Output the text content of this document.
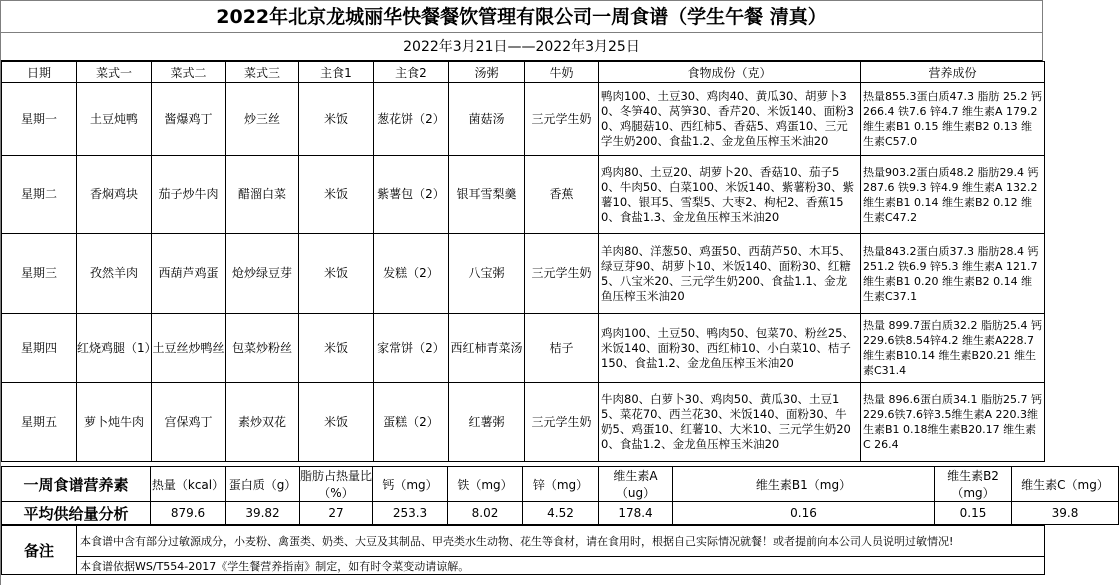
2022年北京龙城丽华快餐餐饮管理有限公司一周食谱（学生午餐 清真）
2022年3月21日——2022年3月25日
日期	菜式一	菜式二	菜式三	主食1	主食2	汤粥	牛奶	食物成份（克）	营养成份
星期一	土豆炖鸭	酱爆鸡丁	炒三丝	米饭	葱花饼（2）	菌菇汤	三元学生奶	鸭肉100、土豆30、鸡肉40、黄瓜30、胡萝卜30、冬笋40、莴笋30、香芹20、米饭140、面粉30、鸡腿菇10、西红柿5、香菇5、鸡蛋10、三元学生奶200、食盐1.2、金龙鱼压榨玉米油20	热量855.3蛋白质47.3 脂肪 25.2 钙 266.4 铁7.6 锌4.7 维生素A 179.2 维生素B1 0.15 维生素B2 0.13 维生素C57.0
星期二	香焖鸡块	茄子炒牛肉	醋溜白菜	米饭	紫薯包（2）	银耳雪梨羹	香蕉	鸡肉80、土豆20、胡萝卜20、香菇10、茄子50、牛肉50、白菜100、米饭140、紫薯粉30、紫薯10、银耳5、雪梨5、大枣2、枸杞2、香蕉150、食盐1.3、金龙鱼压榨玉米油20	热量903.2蛋白质48.2 脂肪29.4 钙 287.6 铁9.3 锌4.9 维生素A 132.2 维生素B1 0.14 维生素B2 0.12 维生素C47.2
星期三	孜然羊肉	西葫芦鸡蛋	炝炒绿豆芽	米饭	发糕（2）	八宝粥	三元学生奶	羊肉80、洋葱50、鸡蛋50、西葫芦50、木耳5、绿豆芽90、胡萝卜10、米饭140、面粉30、红糖5、八宝米20、三元学生奶200、食盐1.1、金龙鱼压榨玉米油20	热量843.2蛋白质37.3 脂肪28.4 钙 251.2 铁6.9 锌5.3 维生素A 121.7 维生素B1 0.20 维生素B2 0.14 维生素C37.1
星期四	红烧鸡腿（1）	土豆丝炒鸭丝	包菜炒粉丝	米饭	家常饼（2）	西红柿青菜汤	桔子	鸡肉100、土豆50、鸭肉50、包菜70、粉丝25、米饭140、面粉30、西红柿10、小白菜10、桔子150、食盐1.2、金龙鱼压榨玉米油20	热量 899.7蛋白质32.2 脂肪25.4 钙229.6铁8.54锌4.2 维生素A228.7 维生素B10.14 维生素B20.21 维生素C31.4
星期五	萝卜炖牛肉	宫保鸡丁	素炒双花	米饭	蛋糕（2）	红薯粥	三元学生奶	牛肉80、白萝卜30、鸡肉50、黄瓜30、土豆15、菜花70、西兰花30、米饭140、面粉30、牛奶5、鸡蛋10、红薯10、大米10、三元学生奶200、食盐1.2、金龙鱼压榨玉米油20	热量 896.6蛋白质34.1 脂肪25.7 钙229.6铁7.6锌3.5维生素A 220.3维生素B1 0.18维生素B20.17 维生素C 26.4
一周食谱营养素	热量（kcal）	蛋白质（g）	脂肪占热量比（%）	钙（mg）	铁（mg）	锌（mg）	维生素A（ug）	维生素B1（mg）	维生素B2（mg）	维生素C（mg）
平均供给量分析	879.6	39.82	27	253.3	8.02	4.52	178.4	0.16	0.15	39.8
备注	本食谱中含有部分过敏源成分，小麦粉、禽蛋类、奶类、大豆及其制品、甲壳类水生动物、花生等食材，请在食用时，根据自己实际情况就餐！或者提前向本公司人员说明过敏情况!
本食谱依据WS/T554-2017《学生餐营养指南》制定，如有时令菜变动请谅解。
